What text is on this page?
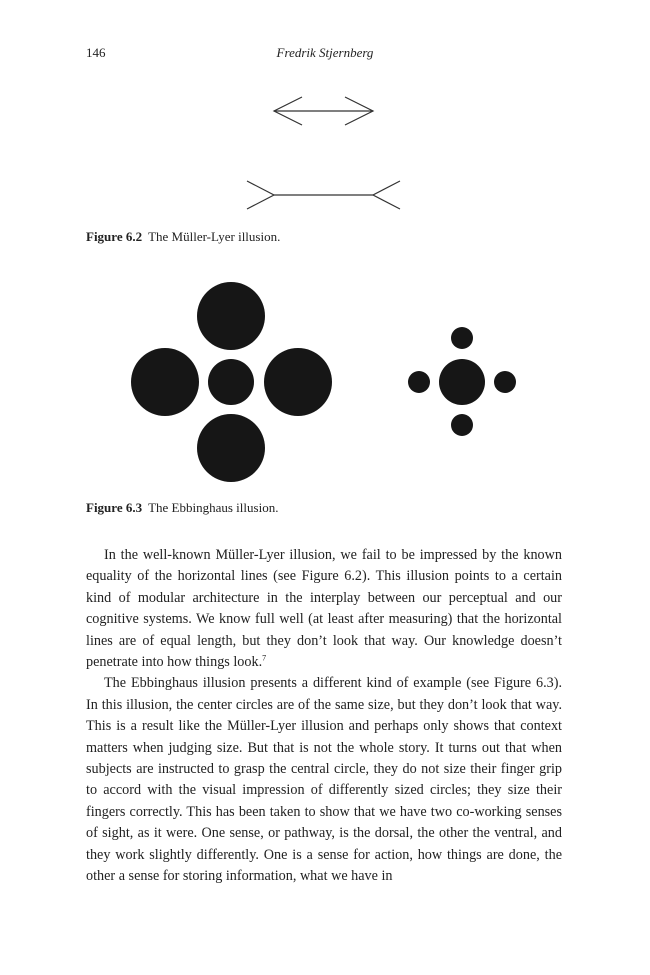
146	Fredrik Stjernberg
Figure 6.2 The Müller-Lyer illusion.
Figure 6.3 The Ebbinghaus illusion.

In the well-known Müller-Lyer illusion, we fail to be impressed by the known equality of the horizontal lines (see Figure 6.2). This illusion points to a certain kind of modular architecture in the interplay between our perceptual and our cognitive systems. We know full well (at least after measuring) that the horizontal lines are of equal length, but they don’t look that way. Our knowledge doesn’t penetrate into how things look.$^7$

The Ebbinghaus illusion presents a different kind of example (see Figure 6.3). In this illusion, the center circles are of the same size, but they don’t look that way. This is a result like the Müller-Lyer illusion and perhaps only shows that context matters when judging size. But that is not the whole story. It turns out that when subjects are instructed to grasp the central circle, they do not size their finger grip to accord with the visual impression of differently sized circles; they size their fingers correctly. This has been taken to show that we have two co-working senses of sight, as it were. One sense, or pathway, is the dorsal, the other the ventral, and they work slightly differently. One is a sense for action, how things are done, the other a sense for storing information, what we have in
